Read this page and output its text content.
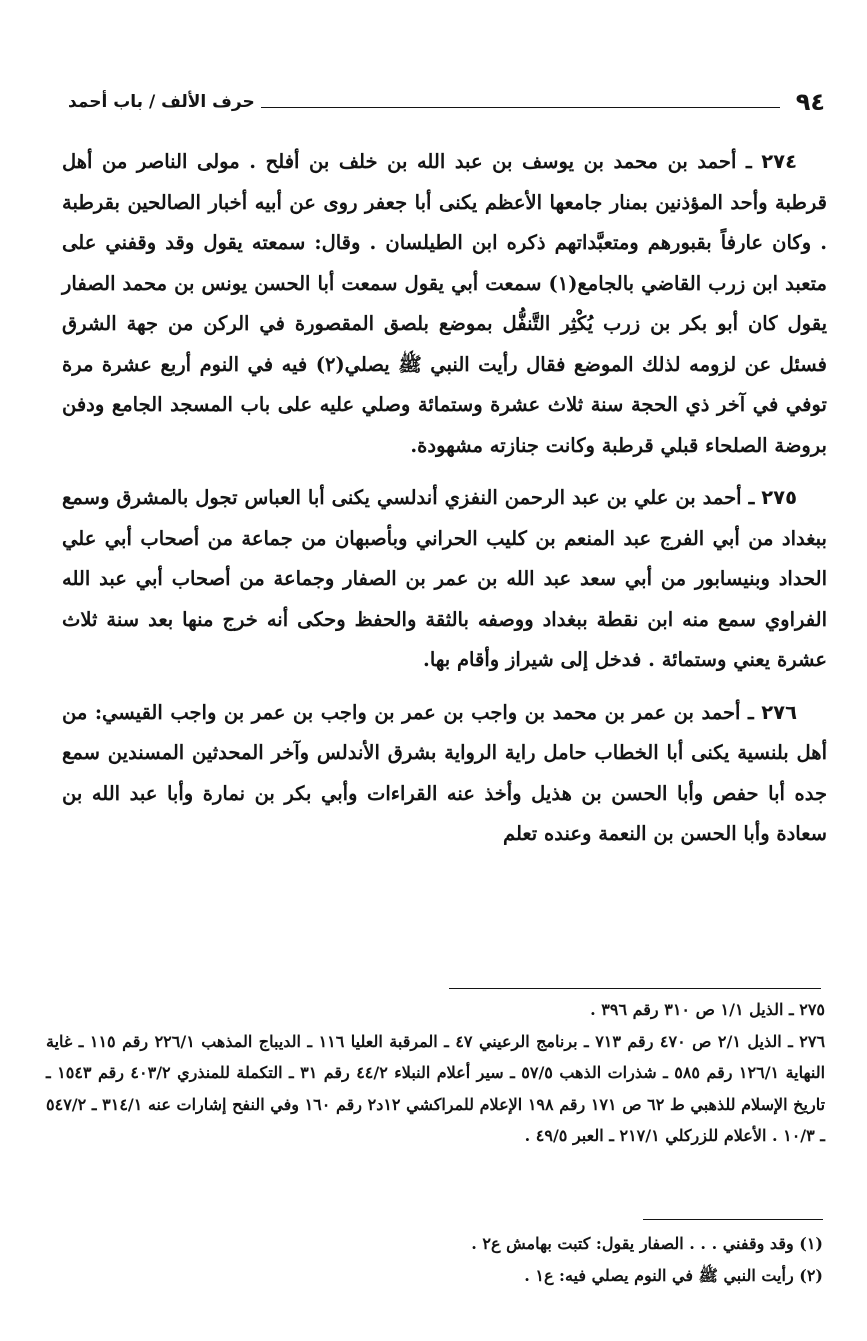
٩٤
حرف الألف / باب أحمد

٢٧٤ ـ أحمد بن محمد بن يوسف بن عبد الله بن خلف بن أفلح . مولى الناصر من أهل قرطبة وأحد المؤذنين بمنار جامعها الأعظم يكنى أبا جعفر روى عن أبيه أخبار الصالحين بقرطبة . وكان عارفاً بقبورهم ومتعبَّداتهم ذكره ابن الطيلسان . وقال: سمعته يقول وقد وقفني على متعبد ابن زرب القاضي بالجامع(١) سمعت أبي يقول سمعت أبا الحسن يونس بن محمد الصفار يقول كان أبو بكر بن زرب يُكْثِر التَّنفُّل بموضع بلصق المقصورة في الركن من جهة الشرق فسئل عن لزومه لذلك الموضع فقال رأيت النبي ﷺ يصلي(٢) فيه في النوم أربع عشرة مرة توفي في آخر ذي الحجة سنة ثلاث عشرة وستمائة وصلي عليه على باب المسجد الجامع ودفن بروضة الصلحاء قبلي قرطبة وكانت جنازته مشهودة.

٢٧٥ ـ أحمد بن علي بن عبد الرحمن النفزي أندلسي يكنى أبا العباس تجول بالمشرق وسمع ببغداد من أبي الفرج عبد المنعم بن كليب الحراني وبأصبهان من جماعة من أصحاب أبي علي الحداد وبنيسابور من أبي سعد عبد الله بن عمر بن الصفار وجماعة من أصحاب أبي عبد الله الفراوي سمع منه ابن نقطة ببغداد ووصفه بالثقة والحفظ وحكى أنه خرج منها بعد سنة ثلاث عشرة يعني وستمائة . فدخل إلى شيراز وأقام بها.

٢٧٦ ـ أحمد بن عمر بن محمد بن واجب بن عمر بن واجب بن عمر بن واجب القيسي: من أهل بلنسية يكنى أبا الخطاب حامل راية الرواية بشرق الأندلس وآخر المحدثين المسندين سمع جده أبا حفص وأبا الحسن بن هذيل وأخذ عنه القراءات وأبي بكر بن نمارة وأبا عبد الله بن سعادة وأبا الحسن بن النعمة وعنده تعلم

٢٧٥ ـ الذيل ١/١ ص ٣١٠ رقم ٣٩٦ .

٢٧٦ ـ الذيل ٢/١ ص ٤٧٠ رقم ٧١٣ ـ برنامج الرعيني ٤٧ ـ المرقبة العليا ١١٦ ـ الديباج المذهب ٢٢٦/١ رقم ١١٥ ـ غاية النهاية ١٢٦/١ رقم ٥٨٥ ـ شذرات الذهب ٥٧/٥ ـ سير أعلام النبلاء ٤٤/٢ رقم ٣١ ـ التكملة للمنذري ٤٠٣/٢ رقم ١٥٤٣ ـ تاريخ الإسلام للذهبي ط ٦٢ ص ١٧١ رقم ١٩٨ الإعلام للمراكشي ١٢د٢ رقم ١٦٠ وفي النفح إشارات عنه ٣١٤/١ ـ ٥٤٧/٢ ـ ١٠/٣ . الأعلام للزركلي ٢١٧/١ ـ العبر ٤٩/٥ .

(١) وقد وقفني . . . الصفار يقول: كتبت بهامش ع٢ .

(٢) رأيت النبي ﷺ في النوم يصلي فيه: ع١ .
